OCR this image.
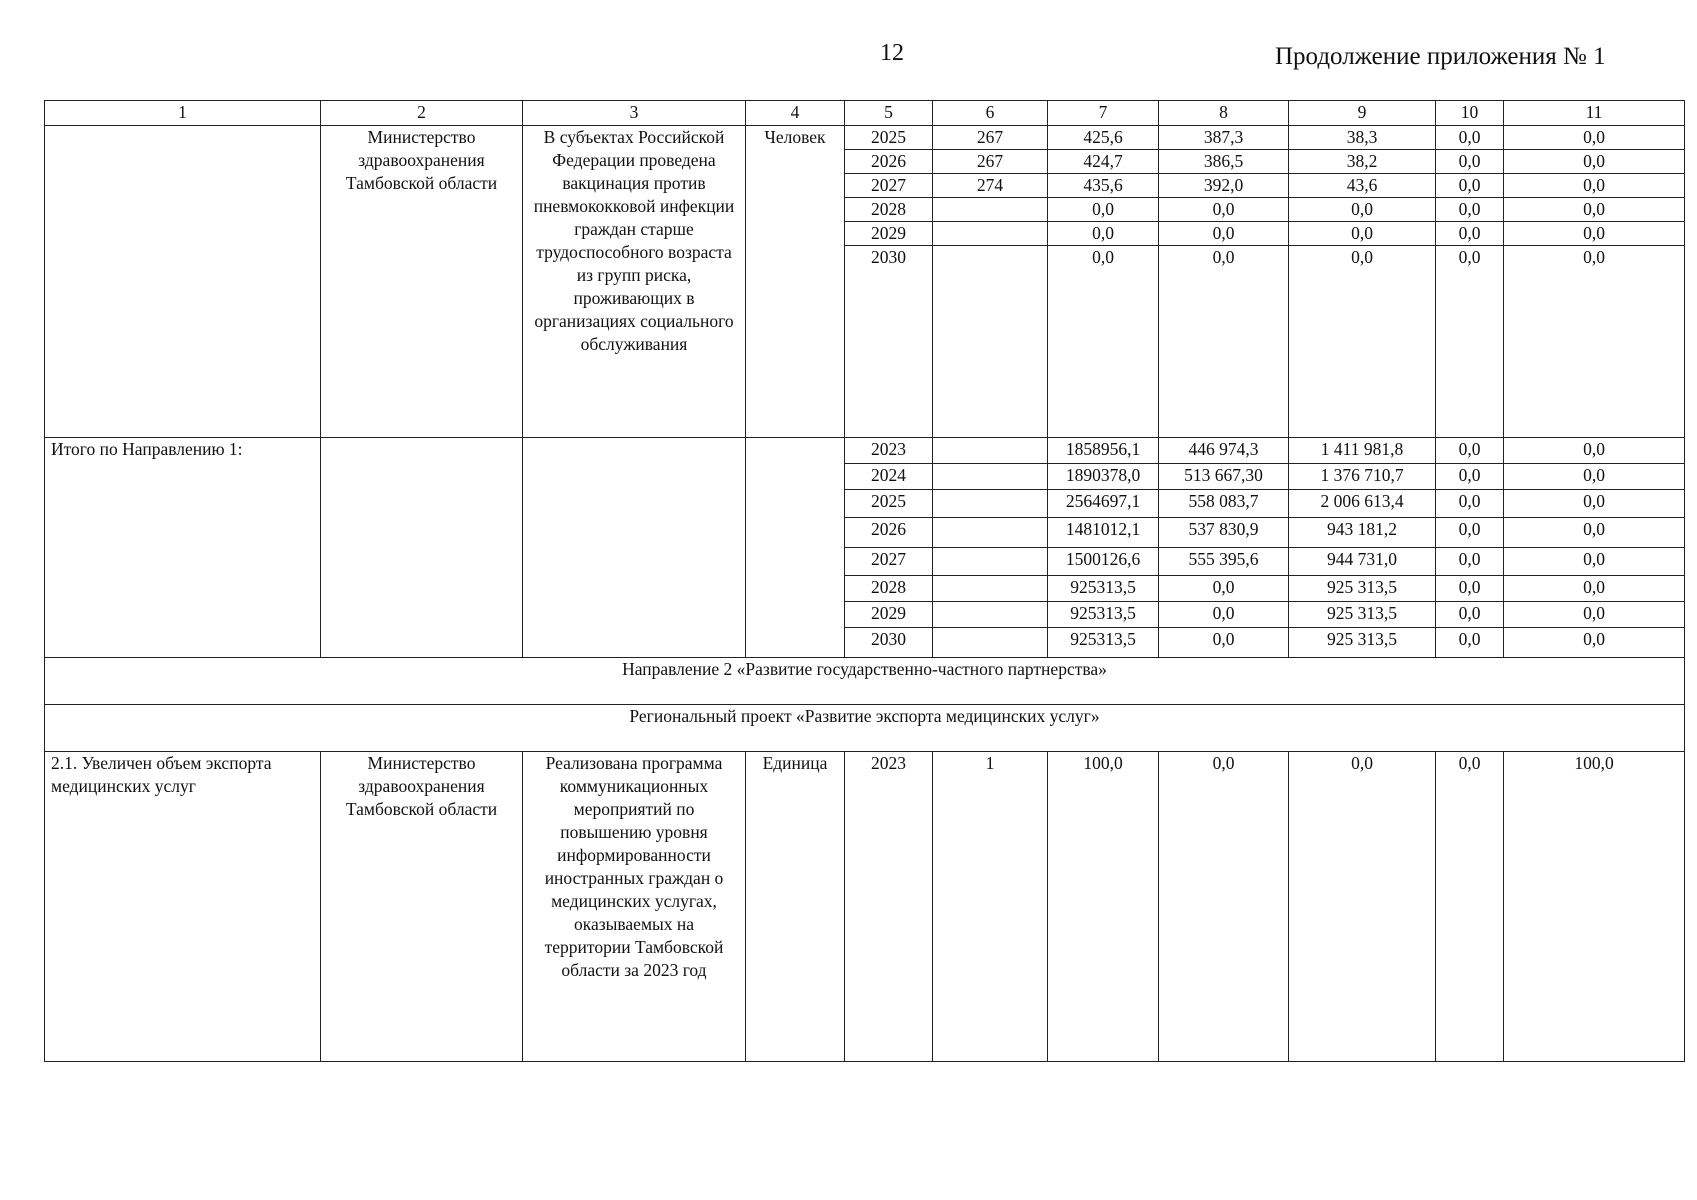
12	Продолжение приложения № 1
1	2	3	4	5	6	7	8	9	10	11
	Министерство здравоохранения Тамбовской области	В субъектах Российской Федерации проведена вакцинация против пневмококковой инфекции граждан старше трудоспособного возраста из групп риска, проживающих в организациях социального обслуживания	Человек	2025	267	425,6	387,3	38,3	0,0	0,0
				2026	267	424,7	386,5	38,2	0,0	0,0
				2027	274	435,6	392,0	43,6	0,0	0,0
				2028		0,0	0,0	0,0	0,0	0,0
				2029		0,0	0,0	0,0	0,0	0,0
				2030		0,0	0,0	0,0	0,0	0,0
Итого по Направлению 1:				2023		1858956,1	446 974,3	1 411 981,8	0,0	0,0
				2024		1890378,0	513 667,30	1 376 710,7	0,0	0,0
				2025		2564697,1	558 083,7	2 006 613,4	0,0	0,0
				2026		1481012,1	537 830,9	943 181,2	0,0	0,0
				2027		1500126,6	555 395,6	944 731,0	0,0	0,0
				2028		925313,5	0,0	925 313,5	0,0	0,0
				2029		925313,5	0,0	925 313,5	0,0	0,0
				2030		925313,5	0,0	925 313,5	0,0	0,0
Направление 2 «Развитие государственно-частного партнерства»										
Региональный проект «Развитие экспорта медицинских услуг»										
2.1. Увеличен объем экспорта медицинских услуг	Министерство здравоохранения Тамбовской области	Реализована программа коммуникационных мероприятий по повышению уровня информированности иностранных граждан о медицинских услугах, оказываемых на территории Тамбовской области за 2023 год	Единица	2023	1	100,0	0,0	0,0	0,0	100,0
